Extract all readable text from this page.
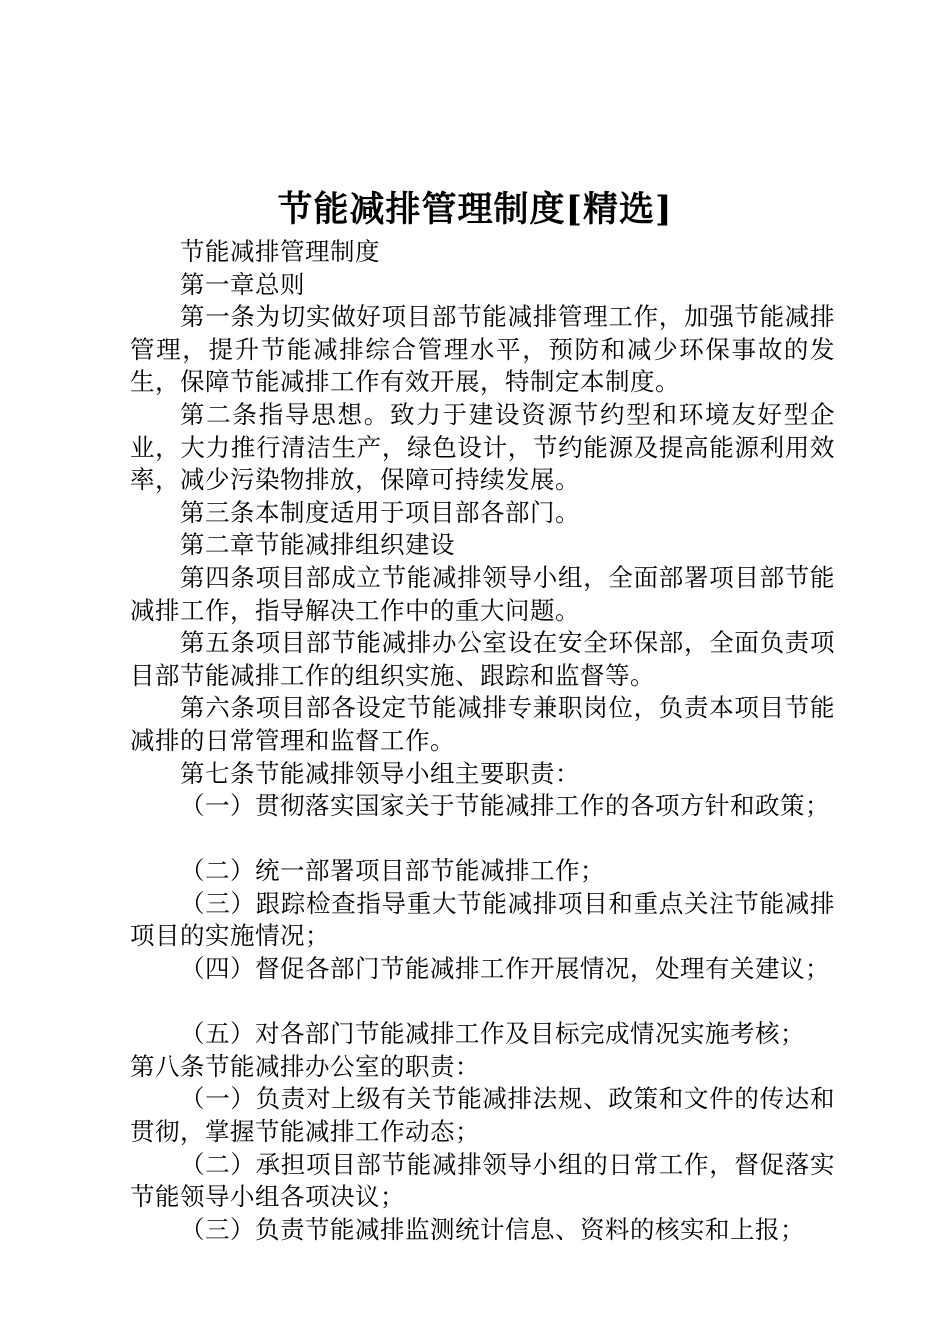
节能减排管理制度[精选]

节能减排管理制度

第一章总则

第一条为切实做好项目部节能减排管理工作，加强节能减排管理，提升节能减排综合管理水平，预防和减少环保事故的发生，保障节能减排工作有效开展，特制定本制度。

第二条指导思想。致力于建设资源节约型和环境友好型企业，大力推行清洁生产，绿色设计，节约能源及提高能源利用效率，减少污染物排放，保障可持续发展。

第三条本制度适用于项目部各部门。

第二章节能减排组织建设

第四条项目部成立节能减排领导小组，全面部署项目部节能减排工作，指导解决工作中的重大问题。

第五条项目部节能减排办公室设在安全环保部，全面负责项目部节能减排工作的组织实施、跟踪和监督等。

第六条项目部各设定节能减排专兼职岗位，负责本项目节能减排的日常管理和监督工作。

第七条节能减排领导小组主要职责：

（一）贯彻落实国家关于节能减排工作的各项方针和政策；

（二）统一部署项目部节能减排工作；

（三）跟踪检查指导重大节能减排项目和重点关注节能减排项目的实施情况；

（四）督促各部门节能减排工作开展情况，处理有关建议；

（五）对各部门节能减排工作及目标完成情况实施考核；

第八条节能减排办公室的职责：

（一）负责对上级有关节能减排法规、政策和文件的传达和贯彻，掌握节能减排工作动态；

（二）承担项目部节能减排领导小组的日常工作，督促落实节能领导小组各项决议；

（三）负责节能减排监测统计信息、资料的核实和上报；
